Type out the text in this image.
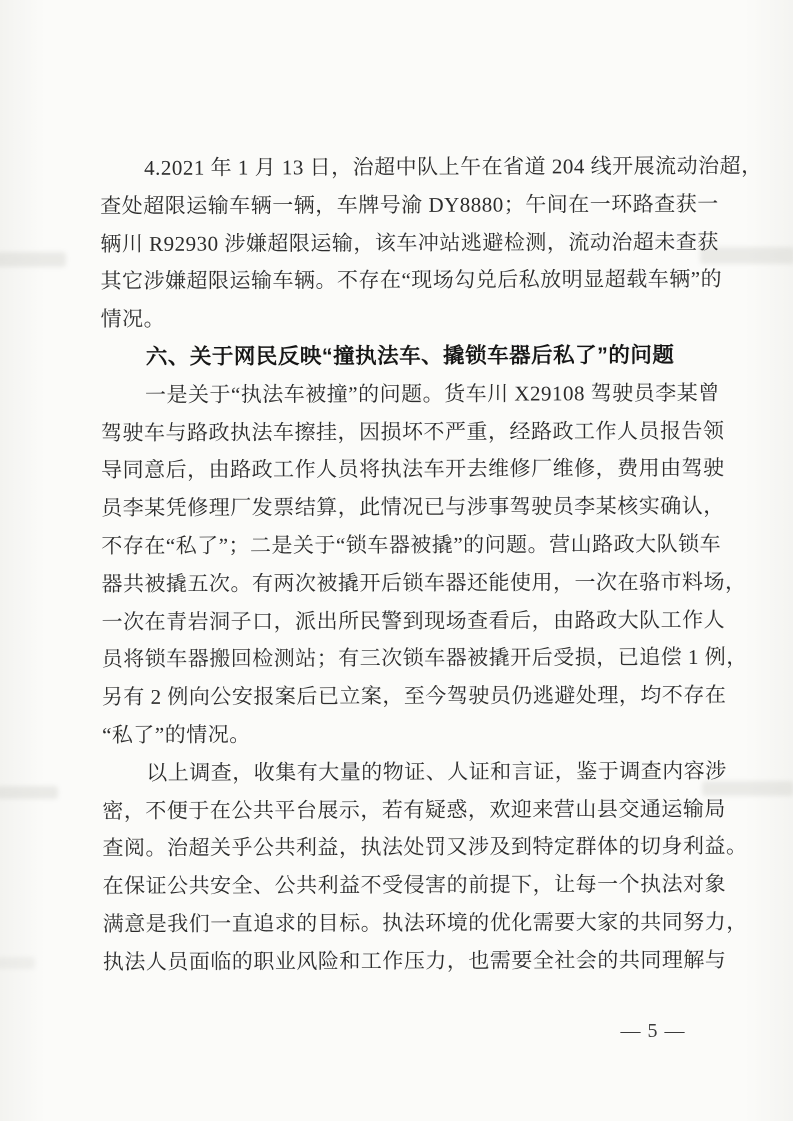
4.2021 年 1 月 13 日，治超中队上午在省道 204 线开展流动治超，
查处超限运输车辆一辆，车牌号渝 DY8880；午间在一环路查获一
辆川 R92930 涉嫌超限运输，该车冲站逃避检测，流动治超未查获
其它涉嫌超限运输车辆。不存在“现场勾兑后私放明显超载车辆”的
情况。
六、关于网民反映“撞执法车、撬锁车器后私了”的问题
一是关于“执法车被撞”的问题。货车川 X29108 驾驶员李某曾
驾驶车与路政执法车擦挂，因损坏不严重，经路政工作人员报告领
导同意后，由路政工作人员将执法车开去维修厂维修，费用由驾驶
员李某凭修理厂发票结算，此情况已与涉事驾驶员李某核实确认，
不存在“私了”；二是关于“锁车器被撬”的问题。营山路政大队锁车
器共被撬五次。有两次被撬开后锁车器还能使用，一次在骆市料场，
一次在青岩洞子口，派出所民警到现场查看后，由路政大队工作人
员将锁车器搬回检测站；有三次锁车器被撬开后受损，已追偿 1 例，
另有 2 例向公安报案后已立案，至今驾驶员仍逃避处理，均不存在
“私了”的情况。
以上调查，收集有大量的物证、人证和言证，鉴于调查内容涉
密，不便于在公共平台展示，若有疑惑，欢迎来营山县交通运输局
查阅。治超关乎公共利益，执法处罚又涉及到特定群体的切身利益。
在保证公共安全、公共利益不受侵害的前提下，让每一个执法对象
满意是我们一直追求的目标。执法环境的优化需要大家的共同努力，
执法人员面临的职业风险和工作压力，也需要全社会的共同理解与
— 5 —
